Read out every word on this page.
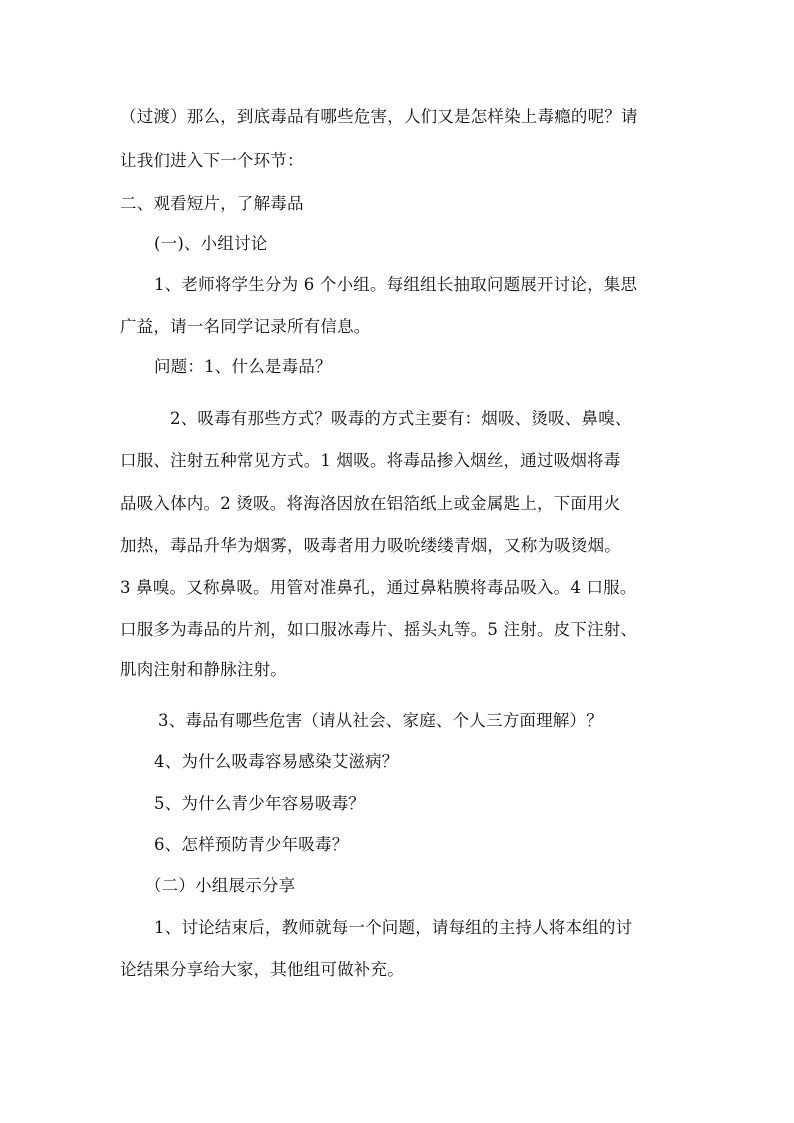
（过渡）那么，到底毒品有哪些危害，人们又是怎样染上毒瘾的呢？请
让我们进入下一个环节：
二、观看短片，了解毒品
(一)、小组讨论
1、老师将学生分为 6 个小组。每组组长抽取问题展开讨论，集思
广益，请一名同学记录所有信息。
问题：1、什么是毒品？
2、吸毒有那些方式？吸毒的方式主要有：烟吸、烫吸、鼻嗅、
口服、注射五种常见方式。1 烟吸。将毒品掺入烟丝，通过吸烟将毒
品吸入体内。2 烫吸。将海洛因放在铝箔纸上或金属匙上，下面用火
加热，毒品升华为烟雾，吸毒者用力吸吮缕缕青烟，又称为吸烫烟。
3 鼻嗅。又称鼻吸。用管对准鼻孔，通过鼻粘膜将毒品吸入。4 口服。
口服多为毒品的片剂，如口服冰毒片、摇头丸等。5 注射。皮下注射、
肌肉注射和静脉注射。
3、毒品有哪些危害（请从社会、家庭、个人三方面理解）？
4、为什么吸毒容易感染艾滋病？
5、为什么青少年容易吸毒？
6、怎样预防青少年吸毒？
（二）小组展示分享
1、讨论结束后，教师就每一个问题，请每组的主持人将本组的讨
论结果分享给大家，其他组可做补充。
